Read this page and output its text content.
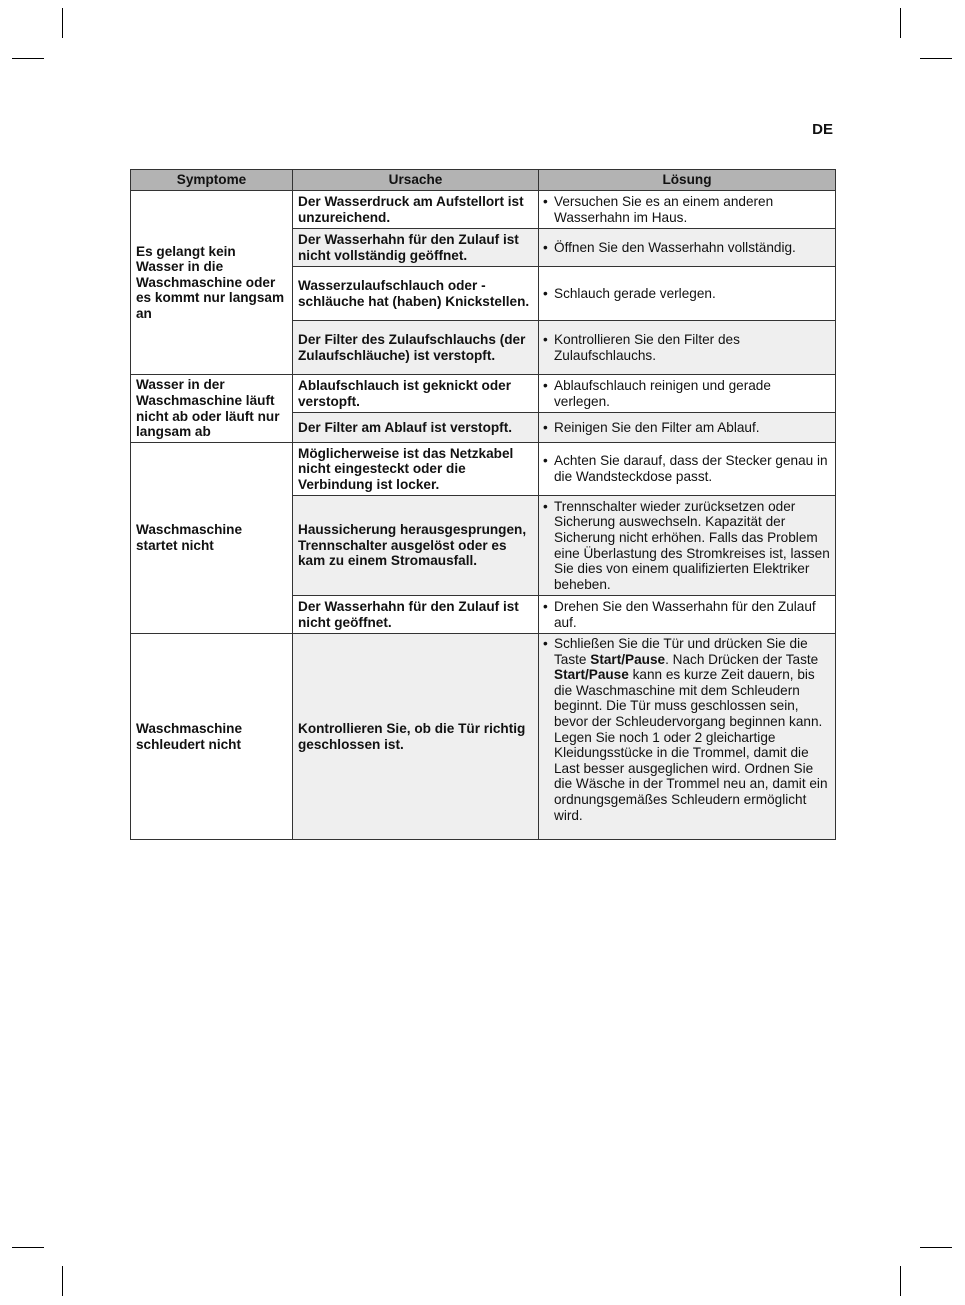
DE
Symptome	Ursache	Lösung
Es gelangt kein Wasser in die Waschmaschine oder es kommt nur langsam an	Der Wasserdruck am Aufstellort ist unzureichend.	• Versuchen Sie es an einem anderen Wasserhahn im Haus.

	Der Wasserhahn für den Zulauf ist nicht vollständig geöffnet.	• Öffnen Sie den Wasserhahn vollständig.

	Wasserzulaufschlauch oder -schläuche hat (haben) Knickstellen.	• Schlauch gerade verlegen.

	Der Filter des Zulaufschlauchs (der Zulaufschläuche) ist verstopft.	• Kontrollieren Sie den Filter des Zulaufschlauchs.

Wasser in der Waschmaschine läuft nicht ab oder läuft nur langsam ab	Ablaufschlauch ist geknickt oder verstopft.	• Ablaufschlauch reinigen und gerade verlegen.

	Der Filter am Ablauf ist verstopft.	• Reinigen Sie den Filter am Ablauf.

Waschmaschine startet nicht	Möglicherweise ist das Netzkabel nicht eingesteckt oder die Verbindung ist locker.	• Achten Sie darauf, dass der Stecker genau in die Wandsteckdose passt.

	Haussicherung herausgesprungen, Trennschalter ausgelöst oder es kam zu einem Stromausfall.	• Trennschalter wieder zurücksetzen oder Sicherung auswechseln. Kapazität der Sicherung nicht erhöhen. Falls das Problem eine Überlastung des Stromkreises ist, lassen Sie dies von einem qualifizierten Elektriker beheben.

	Der Wasserhahn für den Zulauf ist nicht geöffnet.	• Drehen Sie den Wasserhahn für den Zulauf auf.

Waschmaschine schleudert nicht	Kontrollieren Sie, ob die Tür richtig geschlossen ist.	• Schließen Sie die Tür und drücken Sie die Taste Start/Pause. Nach Drücken der Taste Start/Pause kann es kurze Zeit dauern, bis die Waschmaschine mit dem Schleudern beginnt. Die Tür muss geschlossen sein, bevor der Schleudervorgang beginnen kann. Legen Sie noch 1 oder 2 gleichartige Kleidungsstücke in die Trommel, damit die Last besser ausgeglichen wird. Ordnen Sie die Wäsche in der Trommel neu an, damit ein ordnungsgemäßes Schleudern ermöglicht wird.
